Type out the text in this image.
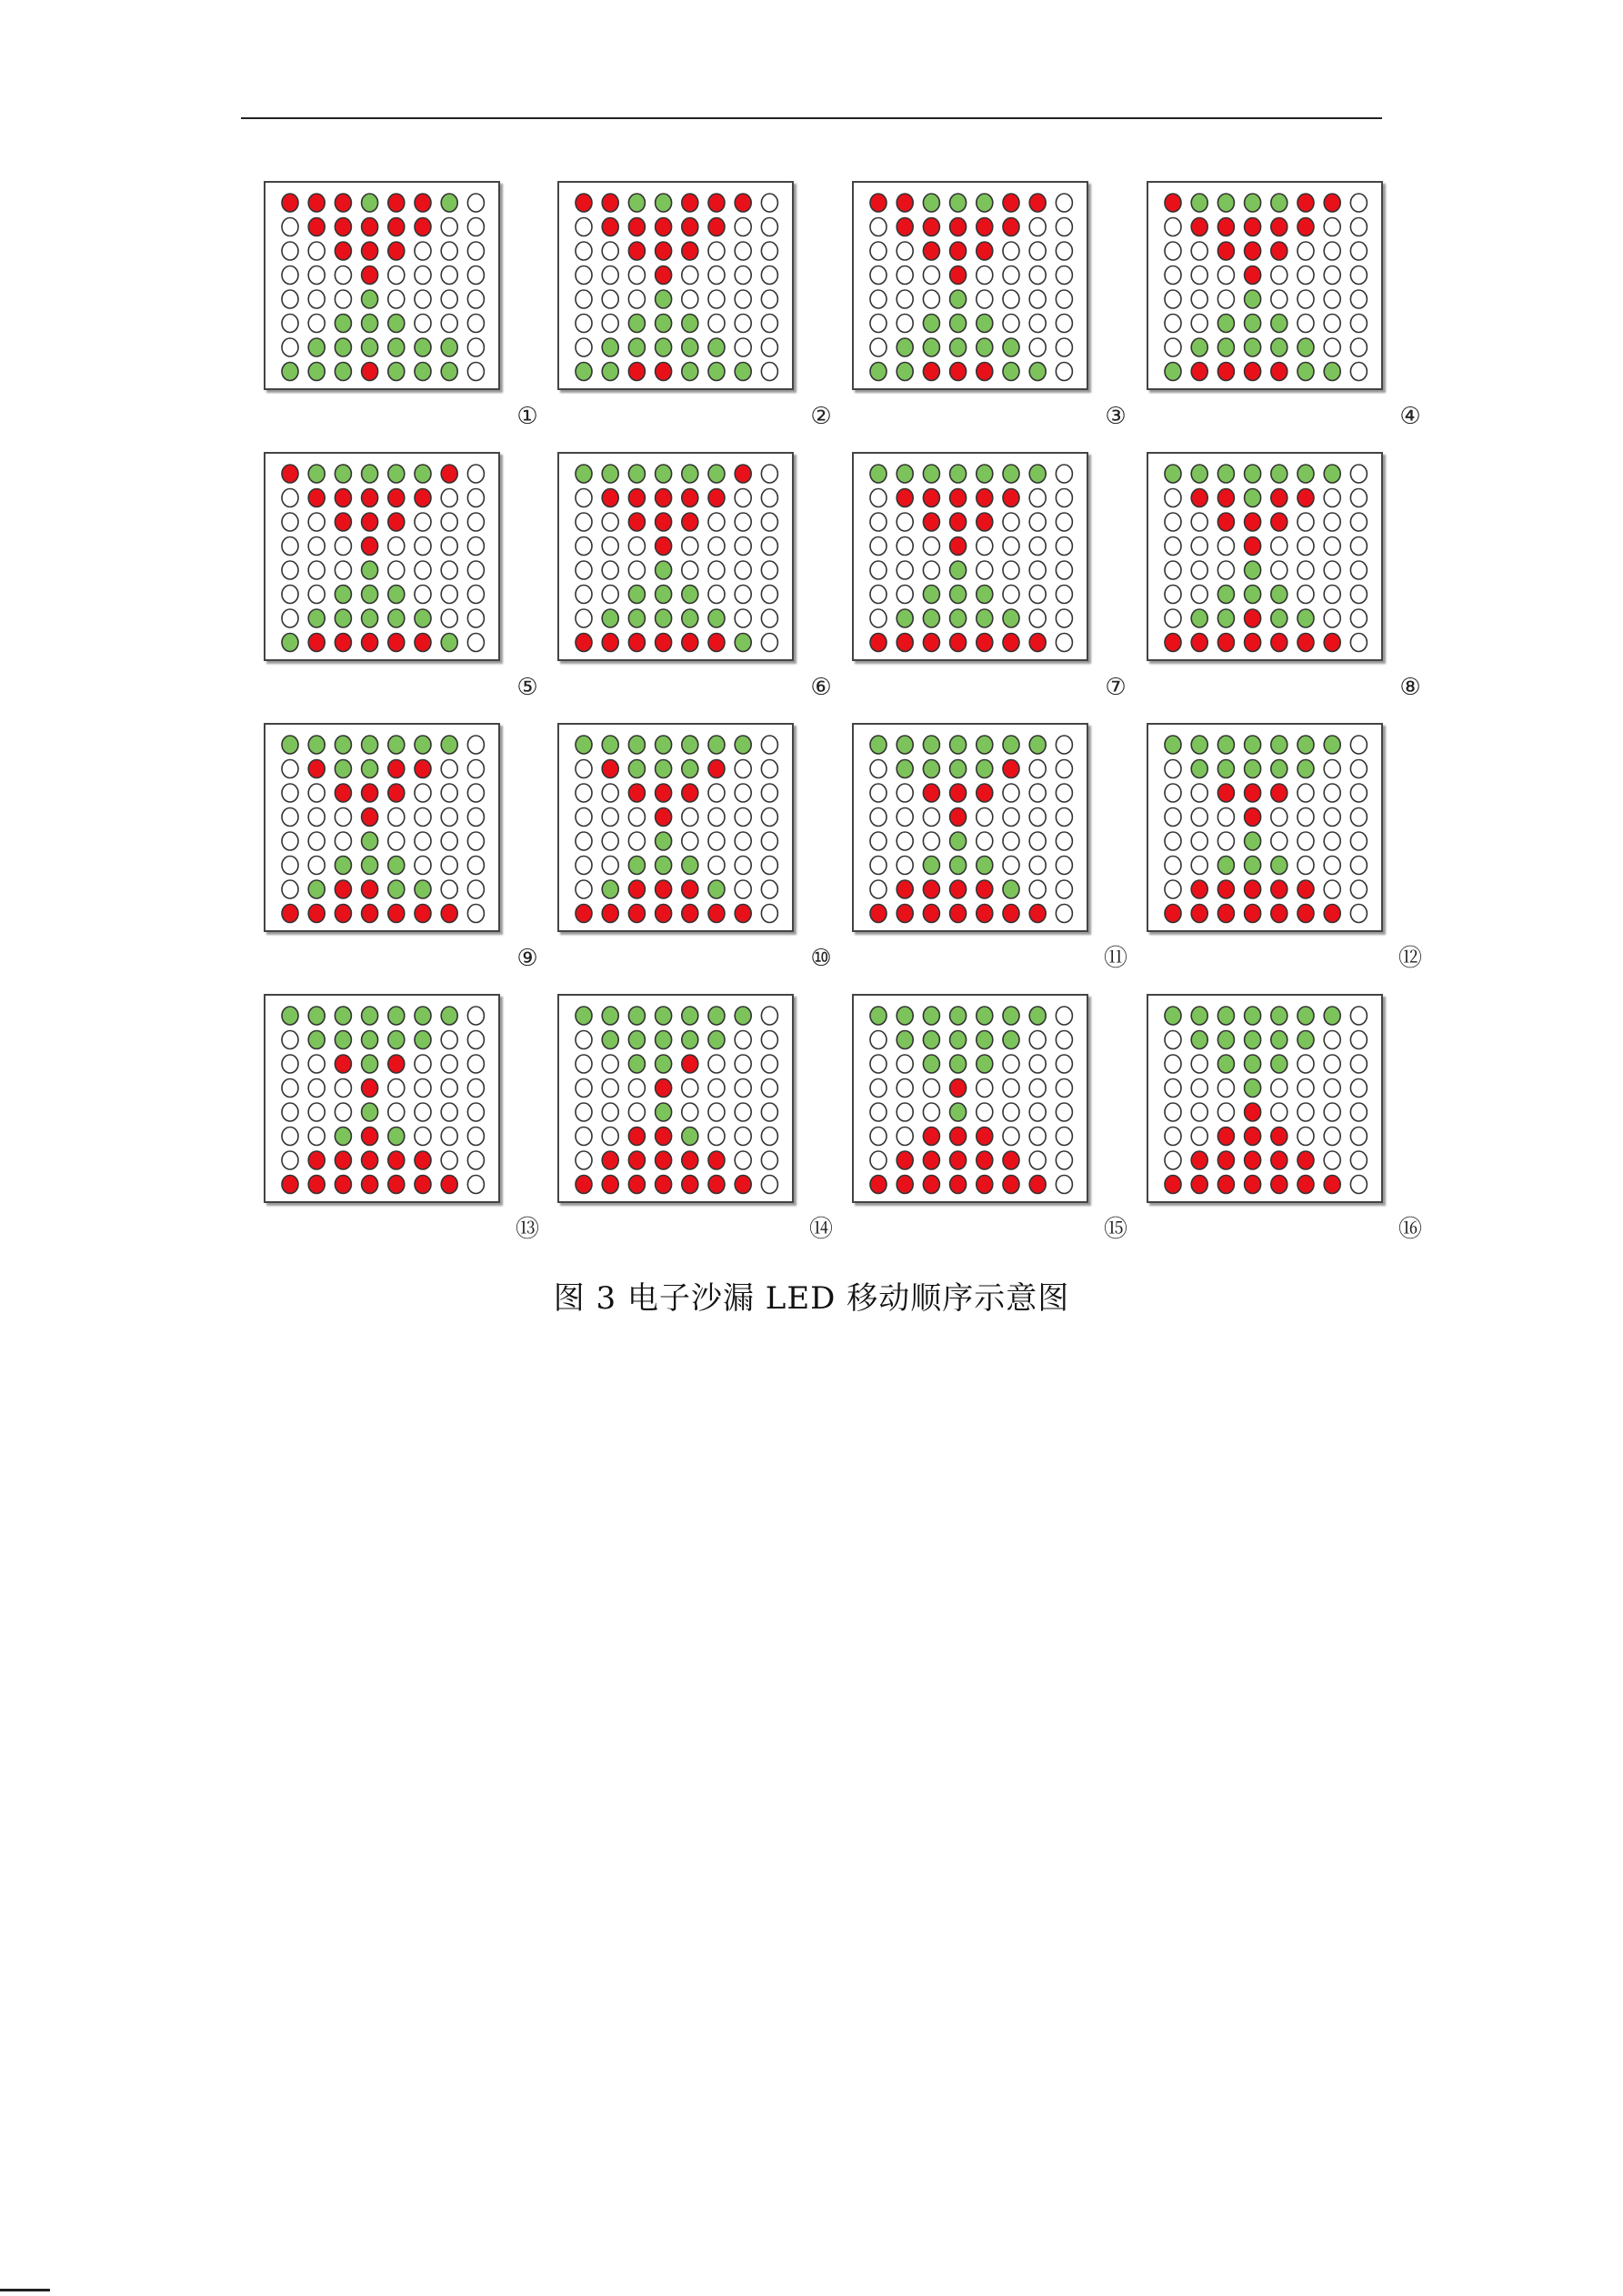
①	②	③	④
⑤	⑥	⑦	⑧
⑨	⑩	⑪	⑫
⑬	⑭	⑮	⑯
图 3 电子沙漏 LED 移动顺序示意图
